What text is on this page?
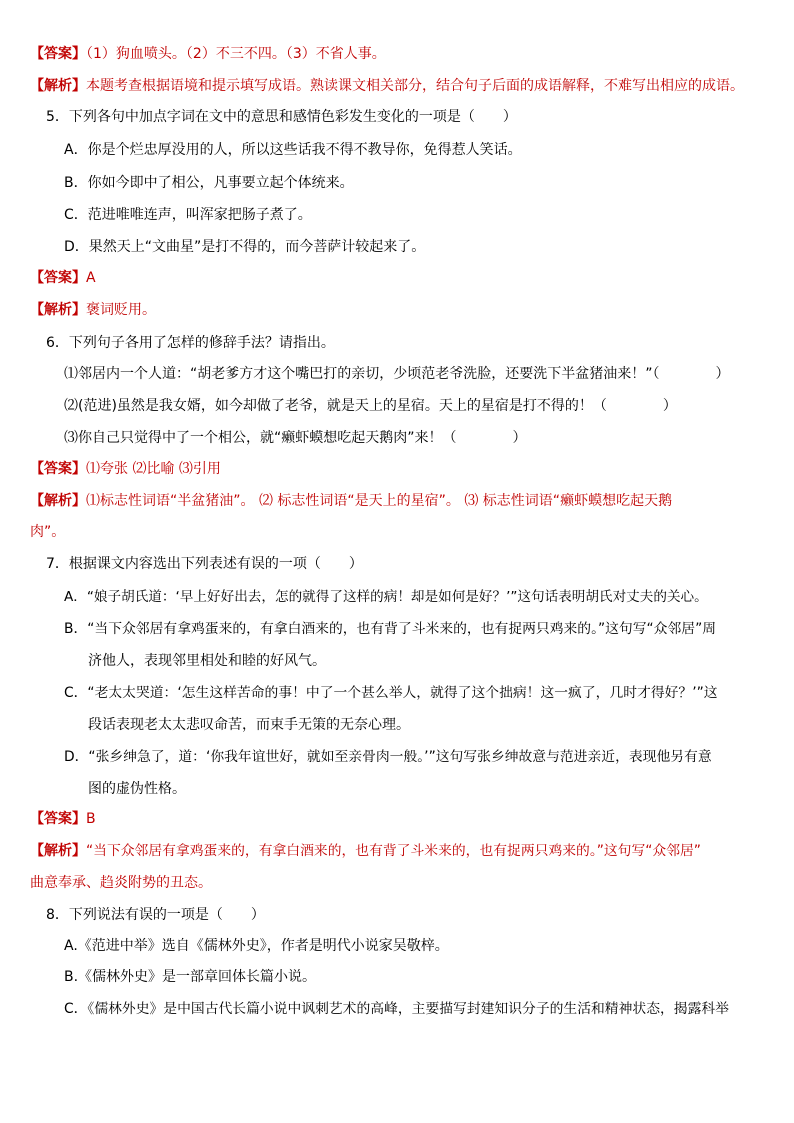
【答案】（1）狗血喷头。（2）不三不四。（3）不省人事。
【解析】本题考查根据语境和提示填写成语。熟读课文相关部分，结合句子后面的成语解释，不难写出相应的成语。
5．下列各句中加点字词在文中的意思和感情色彩发生变化的一项是（　　）
A．你是个烂忠厚没用的人，所以这些话我不得不教导你，免得惹人笑话。
B．你如今即中了相公，凡事要立起个体统来。
C．范进唯唯连声，叫浑家把肠子煮了。
D．果然天上“文曲星”是打不得的，而今菩萨计较起来了。
【答案】A
【解析】褒词贬用。
6．下列句子各用了怎样的修辞手法？请指出。
⑴邻居内一个人道：“胡老爹方才这个嘴巴打的亲切，少顷范老爷洗脸，还要洗下半盆猪油来！”（　　　　）
⑵(范进)虽然是我女婿，如今却做了老爷，就是天上的星宿。天上的星宿是打不得的！（　　　　）
⑶你自己只觉得中了一个相公，就“癞虾蟆想吃起天鹅肉”来！（　　　　）
【答案】⑴夸张 ⑵比喻 ⑶引用
【解析】⑴标志性词语“半盆猪油”。 ⑵ 标志性词语“是天上的星宿”。 ⑶ 标志性词语“癞虾蟆想吃起天鹅
肉”。
7．根据课文内容选出下列表述有误的一项（　　）
A．“娘子胡氏道：‘早上好好出去，怎的就得了这样的病！却是如何是好？’”这句话表明胡氏对丈夫的关心。
B．“当下众邻居有拿鸡蛋来的，有拿白酒来的，也有背了斗米来的，也有捉两只鸡来的。”这句写“众邻居”周
济他人，表现邻里相处和睦的好风气。
C．“老太太哭道：‘怎生这样苦命的事！中了一个甚么举人，就得了这个拙病！这一疯了，几时才得好？’”这
段话表现老太太悲叹命苦，而束手无策的无奈心理。
D．“张乡绅急了，道：‘你我年谊世好，就如至亲骨肉一般。’”这句写张乡绅故意与范进亲近，表现他另有意
图的虚伪性格。
【答案】B
【解析】“当下众邻居有拿鸡蛋来的，有拿白酒来的，也有背了斗米来的，也有捉两只鸡来的。”这句写“众邻居”
曲意奉承、趋炎附势的丑态。
8．下列说法有误的一项是（　　）
A.《范进中举》选自《儒林外史》，作者是明代小说家吴敬梓。
B.《儒林外史》是一部章回体长篇小说。
C．《儒林外史》是中国古代长篇小说中讽刺艺术的高峰，主要描写封建知识分子的生活和精神状态，揭露科举
